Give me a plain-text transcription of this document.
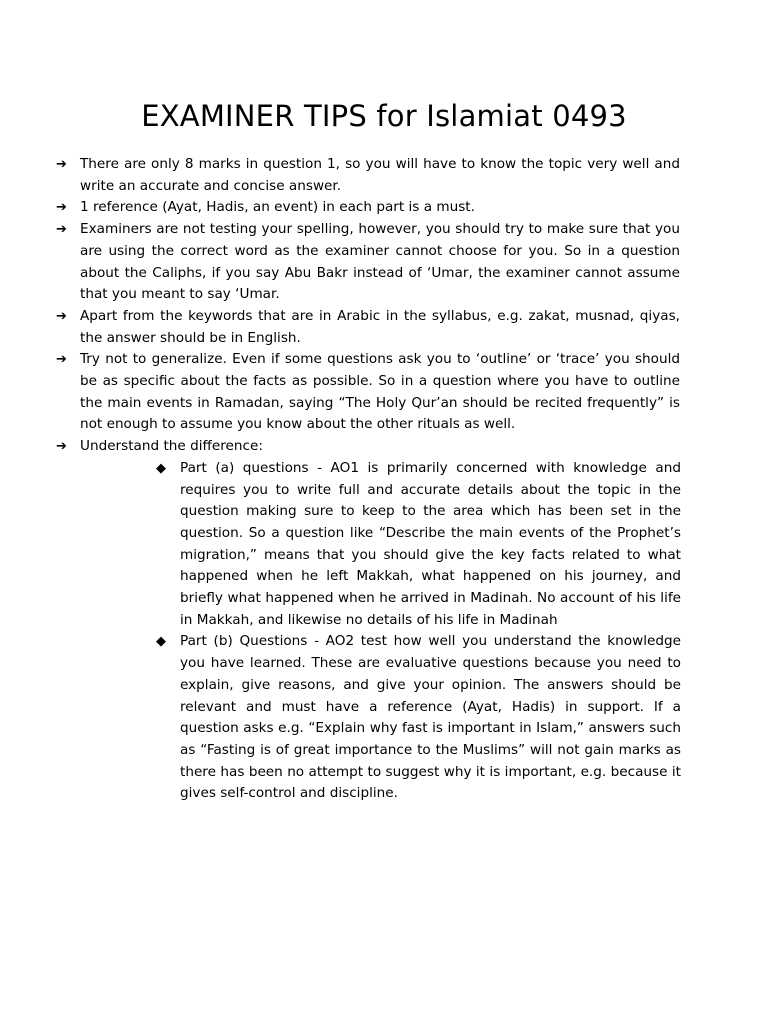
EXAMINER TIPS for Islamiat 0493
➔ There are only 8 marks in question 1, so you will have to know the topic very well and write an accurate and concise answer.
➔ 1 reference (Ayat, Hadis, an event) in each part is a must.
➔ Examiners are not testing your spelling, however, you should try to make sure that you are using the correct word as the examiner cannot choose for you. So in a question about the Caliphs, if you say Abu Bakr instead of ‘Umar, the examiner cannot assume that you meant to say ‘Umar.
➔ Apart from the keywords that are in Arabic in the syllabus, e.g. zakat, musnad, qiyas, the answer should be in English.
➔ Try not to generalize. Even if some questions ask you to ‘outline’ or ‘trace’ you should be as specific about the facts as possible. So in a question where you have to outline the main events in Ramadan, saying “The Holy Qur’an should be recited frequently” is not enough to assume you know about the other rituals as well.
➔ Understand the difference:
◆	Part (a) questions - AO1 is primarily concerned with knowledge and requires you to write full and accurate details about the topic in the question making sure to keep to the area which has been set in the question. So a question like “Describe the main events of the Prophet’s migration,” means that you should give the key facts related to what happened when he left Makkah, what happened on his journey, and briefly what happened when he arrived in Madinah. No account of his life in Makkah, and likewise no details of his life in Madinah
◆	Part (b) Questions - AO2 test how well you understand the knowledge you have learned. These are evaluative questions because you need to explain, give reasons, and give your opinion. The answers should be relevant and must have a reference (Ayat, Hadis) in support. If a question asks e.g. “Explain why fast is important in Islam,” answers such as “Fasting is of great importance to the Muslims” will not gain marks as there has been no attempt to suggest why it is important, e.g. because it gives self-control and discipline.
